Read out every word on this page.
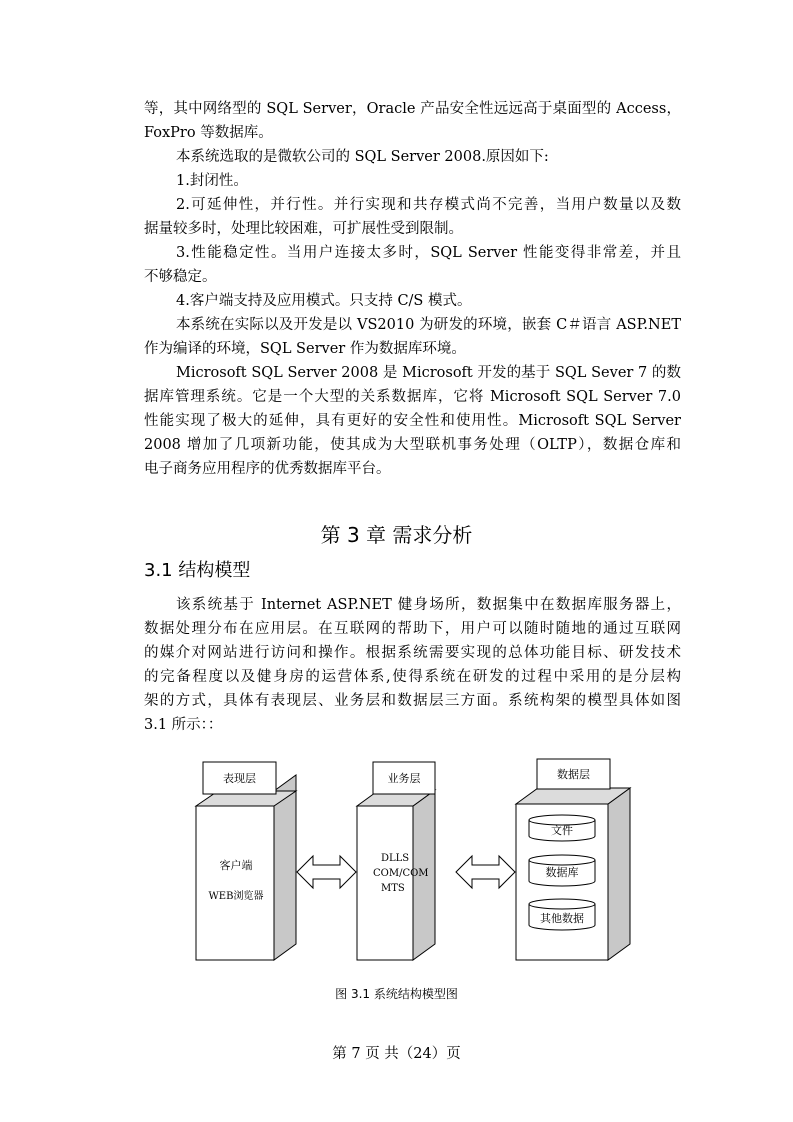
等，其中网络型的 SQL Server，Oracle 产品安全性远远高于桌面型的 Access，
FoxPro 等数据库。
本系统选取的是微软公司的 SQL Server 2008.原因如下:
1.封闭性。
2.可延伸性，并行性。并行实现和共存模式尚不完善，当用户数量以及数
据量较多时，处理比较困难，可扩展性受到限制。
3.性能稳定性。当用户连接太多时，SQL Server 性能变得非常差，并且
不够稳定。
4.客户端支持及应用模式。只支持 C/S 模式。
本系统在实际以及开发是以 VS2010 为研发的环境，嵌套 C＃语言 ASP.NET
作为编译的环境，SQL Server 作为数据库环境。
Microsoft SQL Server 2008 是 Microsoft 开发的基于 SQL Sever 7 的数
据库管理系统。它是一个大型的关系数据库，它将 Microsoft SQL Server 7.0
性能实现了极大的延伸，具有更好的安全性和使用性。Microsoft SQL Server
2008 增加了几项新功能，使其成为大型联机事务处理（OLTP），数据仓库和
电子商务应用程序的优秀数据库平台。
第 3 章 需求分析
3.1 结构模型
该系统基于 Internet ASP.NET 健身场所，数据集中在数据库服务器上，
数据处理分布在应用层。在互联网的帮助下，用户可以随时随地的通过互联网
的媒介对网站进行访问和操作。根据系统需要实现的总体功能目标、研发技术
的完备程度以及健身房的运营体系,使得系统在研发的过程中采用的是分层构
架的方式，具体有表现层、业务层和数据层三方面。系统构架的模型具体如图
3.1 所示：：
表现层
客户端
WEB浏览器
业务层
DLLS
COM/COM
MTS
数据层
文件
数据库
其他数据
图 3.1 系统结构模型图
第 7 页 共（24）页
